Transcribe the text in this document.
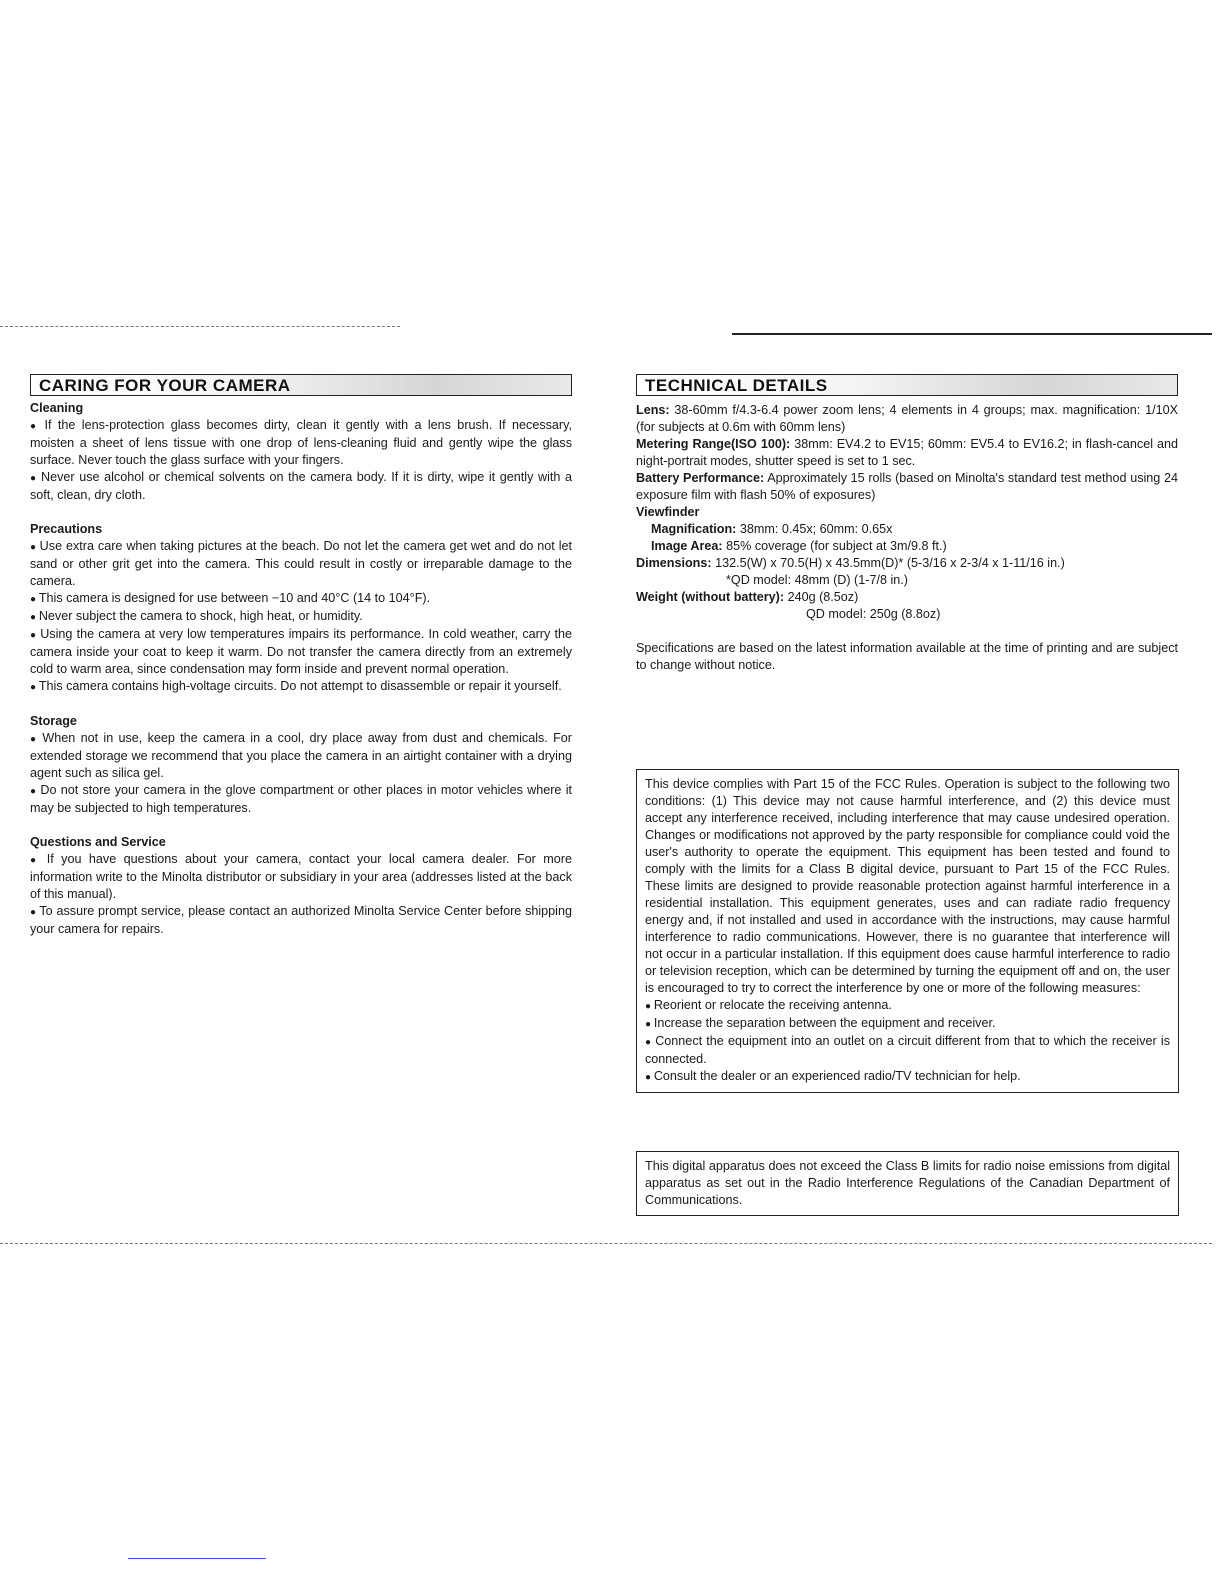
CARING FOR YOUR CAMERA

Cleaning

● If the lens-protection glass becomes dirty, clean it gently with a lens brush. If necessary, moisten a sheet of lens tissue with one drop of lens-cleaning fluid and gently wipe the glass surface. Never touch the glass surface with your fingers.

● Never use alcohol or chemical solvents on the camera body. If it is dirty, wipe it gently with a soft, clean, dry cloth.

Precautions

● Use extra care when taking pictures at the beach. Do not let the camera get wet and do not let sand or other grit get into the camera. This could result in costly or irreparable damage to the camera.

● This camera is designed for use between −10 and 40°C (14 to 104°F).

● Never subject the camera to shock, high heat, or humidity.

● Using the camera at very low temperatures impairs its performance. In cold weather, carry the camera inside your coat to keep it warm. Do not transfer the camera directly from an extremely cold to warm area, since condensation may form inside and prevent normal operation.

● This camera contains high-voltage circuits. Do not attempt to disassemble or repair it yourself.

Storage

● When not in use, keep the camera in a cool, dry place away from dust and chemicals. For extended storage we recommend that you place the camera in an airtight container with a drying agent such as silica gel.

● Do not store your camera in the glove compartment or other places in motor vehicles where it may be subjected to high temperatures.

Questions and Service

● If you have questions about your camera, contact your local camera dealer. For more information write to the Minolta distributor or subsidiary in your area (addresses listed at the back of this manual).

● To assure prompt service, please contact an authorized Minolta Service Center before shipping your camera for repairs.

TECHNICAL DETAILS

Lens: 38-60mm f/4.3-6.4 power zoom lens; 4 elements in 4 groups; max. magnification: 1/10X (for subjects at 0.6m with 60mm lens)

Metering Range(ISO 100): 38mm: EV4.2 to EV15; 60mm: EV5.4 to EV16.2; in flash-cancel and night-portrait modes, shutter speed is set to 1 sec.

Battery Performance: Approximately 15 rolls (based on Minolta's standard test method using 24 exposure film with flash 50% of exposures)

Viewfinder

Magnification: 38mm: 0.45x; 60mm: 0.65x

Image Area: 85% coverage (for subject at 3m/9.8 ft.)

Dimensions: 132.5(W) x 70.5(H) x 43.5mm(D)* (5-3/16 x 2-3/4 x 1-11/16 in.)

*QD model: 48mm (D) (1-7/8 in.)

Weight (without battery): 240g (8.5oz)

QD model: 250g (8.8oz)

Specifications are based on the latest information available at the time of printing and are subject to change without notice.

This device complies with Part 15 of the FCC Rules. Operation is subject to the following two conditions: (1) This device may not cause harmful interference, and (2) this device must accept any interference received, including interference that may cause undesired operation. Changes or modifications not approved by the party responsible for compliance could void the user's authority to operate the equipment. This equipment has been tested and found to comply with the limits for a Class B digital device, pursuant to Part 15 of the FCC Rules. These limits are designed to provide reasonable protection against harmful interference in a residential installation. This equipment generates, uses and can radiate radio frequency energy and, if not installed and used in accordance with the instructions, may cause harmful interference to radio communications. However, there is no guarantee that interference will not occur in a particular installation. If this equipment does cause harmful interference to radio or television reception, which can be determined by turning the equipment off and on, the user is encouraged to try to correct the interference by one or more of the following measures:

● Reorient or relocate the receiving antenna.

● Increase the separation between the equipment and receiver.

● Connect the equipment into an outlet on a circuit different from that to which the receiver is connected.

● Consult the dealer or an experienced radio/TV technician for help.

This digital apparatus does not exceed the Class B limits for radio noise emissions from digital apparatus as set out in the Radio Interference Regulations of the Canadian Department of Communications.
